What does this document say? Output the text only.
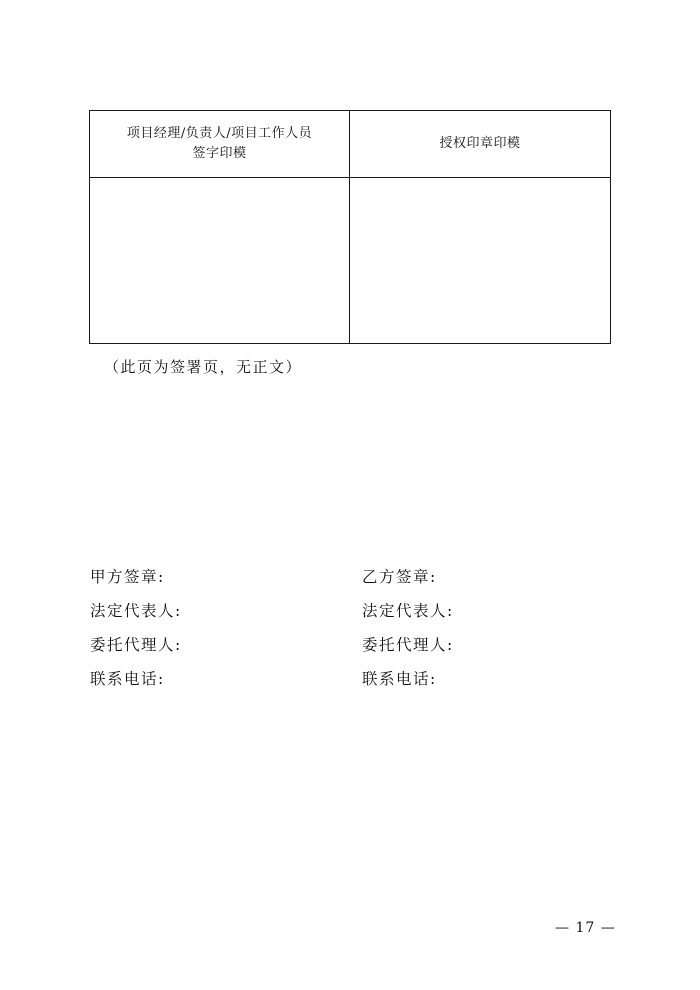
项目经理/负责人/项目工作人员
签字印模
授权印章印模
（此页为签署页，无正文）
甲方签章:
法定代表人:
委托代理人:
联系电话:
乙方签章:
法定代表人:
委托代理人:
联系电话:
— 17 —
